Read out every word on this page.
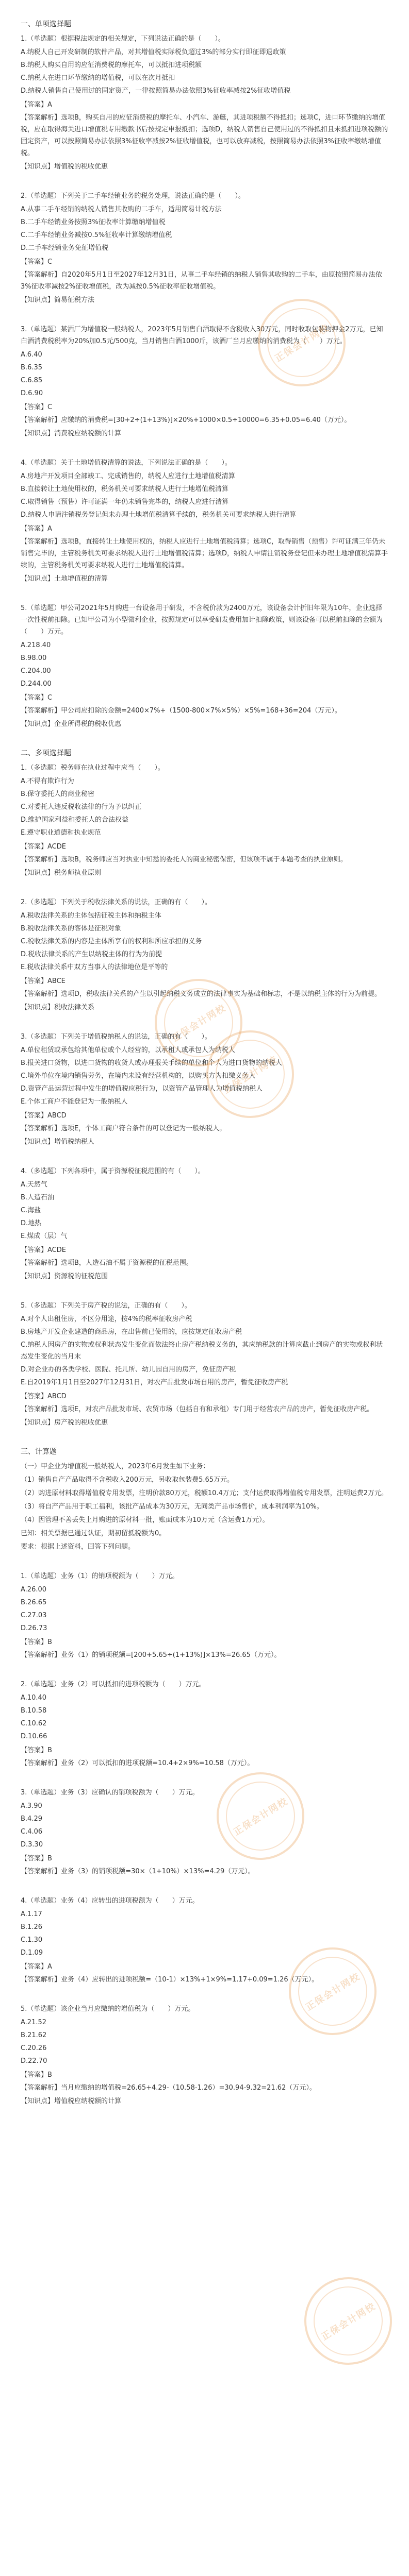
一、单项选择题
1.（单选题）根据税法规定的相关规定，下列说法正确的是（　　）。
A.纳税人自己开发研制的软件产品，对其增值税实际税负超过3%的部分实行即征即退政策
B.纳税人购买自用的应征消费税的摩托车，可以抵扣进项税额
C.纳税人在进口环节缴纳的增值税，可以在次月抵扣
D.纳税人销售自己使用过的固定资产，一律按照简易办法依照3%征收率减按2%征收增值税
【答案】A
【答案解析】选项B，购买自用的应征消费税的摩托车、小汽车、游艇，其进项税额不得抵扣；选项C，进口环节缴纳的增值税，应在取得海关进口增值税专用缴款书后按规定申报抵扣；选项D，纳税人销售自己使用过的不得抵扣且未抵扣进项税额的固定资产，可以按照简易办法依照3%征收率减按2%征收增值税，也可以放弃减税，按照简易办法依照3%征收率缴纳增值税。
【知识点】增值税的税收优惠
2.（单选题）下列关于二手车经销业务的税务处理，说法正确的是（　　）。
A.从事二手车经销的纳税人销售其收购的二手车，适用简易计税方法
B.二手车经销业务按照3%征收率计算缴纳增值税
C.二手车经销业务减按0.5%征收率计算缴纳增值税
D.二手车经销业务免征增值税
【答案】C
【答案解析】自2020年5月1日至2027年12月31日，从事二手车经销的纳税人销售其收购的二手车，由原按照简易办法依3%征收率减按2%征收增值税，改为减按0.5%征收率征收增值税。
【知识点】简易征税方法
3.（单选题）某酒厂为增值税一般纳税人，2023年5月销售白酒取得不含税收入30万元，同时收取包装物押金2万元，已知白酒消费税税率为20%加0.5元/500克，当月销售白酒1000斤，该酒厂当月应缴纳的消费税为（　　）万元。
A.6.40
B.6.35
C.6.85
D.6.90
【答案】C
【答案解析】应缴纳的消费税=[30+2÷(1+13%)]×20%+1000×0.5÷10000=6.35+0.05=6.40（万元）。
【知识点】消费税应纳税额的计算
4.（单选题）关于土地增值税清算的说法，下列说法正确的是（　　）。
A.房地产开发项目全部竣工、完成销售的，纳税人应进行土地增值税清算
B.直接转让土地使用权的，税务机关可要求纳税人进行土地增值税清算
C.取得销售（预售）许可证满一年仍未销售完毕的，纳税人应进行清算
D.纳税人申请注销税务登记但未办理土地增值税清算手续的，税务机关可要求纳税人进行清算
【答案】A
【答案解析】选项B，直接转让土地使用权的，纳税人应进行土地增值税清算；选项C，取得销售（预售）许可证满三年仍未销售完毕的，主管税务机关可要求纳税人进行土地增值税清算；选项D，纳税人申请注销税务登记但未办理土地增值税清算手续的，主管税务机关可要求纳税人进行土地增值税清算。
【知识点】土地增值税的清算
5.（单选题）甲公司2021年5月购进一台设备用于研发，不含税价款为2400万元，该设备会计折旧年限为10年，企业选择一次性税前扣除。已知甲公司为小型微利企业，按照规定可以享受研发费用加计扣除政策，则该设备可以税前扣除的金额为（　　）万元。
A.218.40
B.98.00
C.204.00
D.244.00
【答案】C
【答案解析】甲公司应扣除的金额=2400×7%+（1500-800×7%×5%）×5%=168+36=204（万元）。
【知识点】企业所得税的税收优惠
二、多项选择题
1.（多选题）税务师在执业过程中应当（　　）。
A.不得有欺诈行为
B.保守委托人的商业秘密
C.对委托人违反税收法律的行为予以纠正
D.维护国家利益和委托人的合法权益
E.遵守职业道德和执业规范
【答案】ACDE
【答案解析】选项B，税务师应当对执业中知悉的委托人的商业秘密保密，但该项不属于本题考查的执业原则。
【知识点】税务师执业原则
2.（多选题）下列关于税收法律关系的说法，正确的有（　　）。
A.税收法律关系的主体包括征税主体和纳税主体
B.税收法律关系的客体是征税对象
C.税收法律关系的内容是主体所享有的权利和所应承担的义务
D.税收法律关系的产生以纳税主体的行为为前提
E.税收法律关系中双方当事人的法律地位是平等的
【答案】ABCE
【答案解析】选项D，税收法律关系的产生以引起纳税义务成立的法律事实为基础和标志，不是以纳税主体的行为为前提。
【知识点】税收法律关系
3.（多选题）下列关于增值税纳税人的说法，正确的有（　　）。
A.单位租赁或承包给其他单位或个人经营的，以承租人或承包人为纳税人
B.报关进口货物，以进口货物的收货人或办理报关手续的单位和个人为进口货物的纳税人
C.境外单位在境内销售劳务，在境内未设有经营机构的，以购买方为扣缴义务人
D.资管产品运营过程中发生的增值税应税行为，以资管产品管理人为增值税纳税人
E.个体工商户不能登记为一般纳税人
【答案】ABCD
【答案解析】选项E，个体工商户符合条件的可以登记为一般纳税人。
【知识点】增值税纳税人
4.（多选题）下列各项中，属于资源税征税范围的有（　　）。
A.天然气
B.人造石油
C.海盐
D.地热
E.煤成（层）气
【答案】ACDE
【答案解析】选项B，人造石油不属于资源税的征税范围。
【知识点】资源税的征税范围
5.（多选题）下列关于房产税的说法，正确的有（　　）。
A.对个人出租住房，不区分用途，按4%的税率征收房产税
B.房地产开发企业建造的商品房，在出售前已使用的，应按规定征收房产税
C.纳税人因房产的实物或权利状态发生变化而依法终止房产税纳税义务的，其应纳税款的计算应截止到房产的实物或权利状态发生变化的当月末
D.对企业办的各类学校、医院、托儿所、幼儿园自用的房产，免征房产税
E.自2019年1月1日至2027年12月31日，对农产品批发市场自用的房产，暂免征收房产税
【答案】ABCD
【答案解析】选项E，对农产品批发市场、农贸市场（包括自有和承租）专门用于经营农产品的房产，暂免征收房产税。
【知识点】房产税的税收优惠
三、计算题
（一）甲企业为增值税一般纳税人，2023年6月发生如下业务：
（1）销售自产产品取得不含税收入200万元，另收取包装费5.65万元。
（2）购进原材料取得增值税专用发票，注明价款80万元，税额10.4万元；支付运费取得增值税专用发票，注明运费2万元。
（3）将自产产品用于职工福利，该批产品成本为30万元，无同类产品市场售价，成本利润率为10%。
（4）因管理不善丢失上月购进的原材料一批，账面成本为10万元（含运费1万元）。
已知：相关票据已通过认证，期初留抵税额为0。
要求：根据上述资料，回答下列问题。
1.（单选题）业务（1）的销项税额为（　　）万元。
A.26.00
B.26.65
C.27.03
D.26.73
【答案】B
【答案解析】业务（1）的销项税额=[200+5.65÷(1+13%)]×13%=26.65（万元）。
2.（单选题）业务（2）可以抵扣的进项税额为（　　）万元。
A.10.40
B.10.58
C.10.62
D.10.66
【答案】B
【答案解析】业务（2）可以抵扣的进项税额=10.4+2×9%=10.58（万元）。
3.（单选题）业务（3）应确认的销项税额为（　　）万元。
A.3.90
B.4.29
C.4.06
D.3.30
【答案】B
【答案解析】业务（3）的销项税额=30×（1+10%）×13%=4.29（万元）。
4.（单选题）业务（4）应转出的进项税额为（　　）万元。
A.1.17
B.1.26
C.1.30
D.1.09
【答案】A
【答案解析】业务（4）应转出的进项税额=（10-1）×13%+1×9%=1.17+0.09=1.26（万元）。
5.（单选题）该企业当月应缴纳的增值税为（　　）万元。
A.21.52
B.21.62
C.20.26
D.22.70
【答案】B
【答案解析】当月应缴纳的增值税=26.65+4.29-（10.58-1.26）=30.94-9.32=21.62（万元）。
【知识点】增值税应纳税额的计算
正保会计网校
正保会计网校
正保会计网校
正保会计网校
正保会计网校
正保会计网校
